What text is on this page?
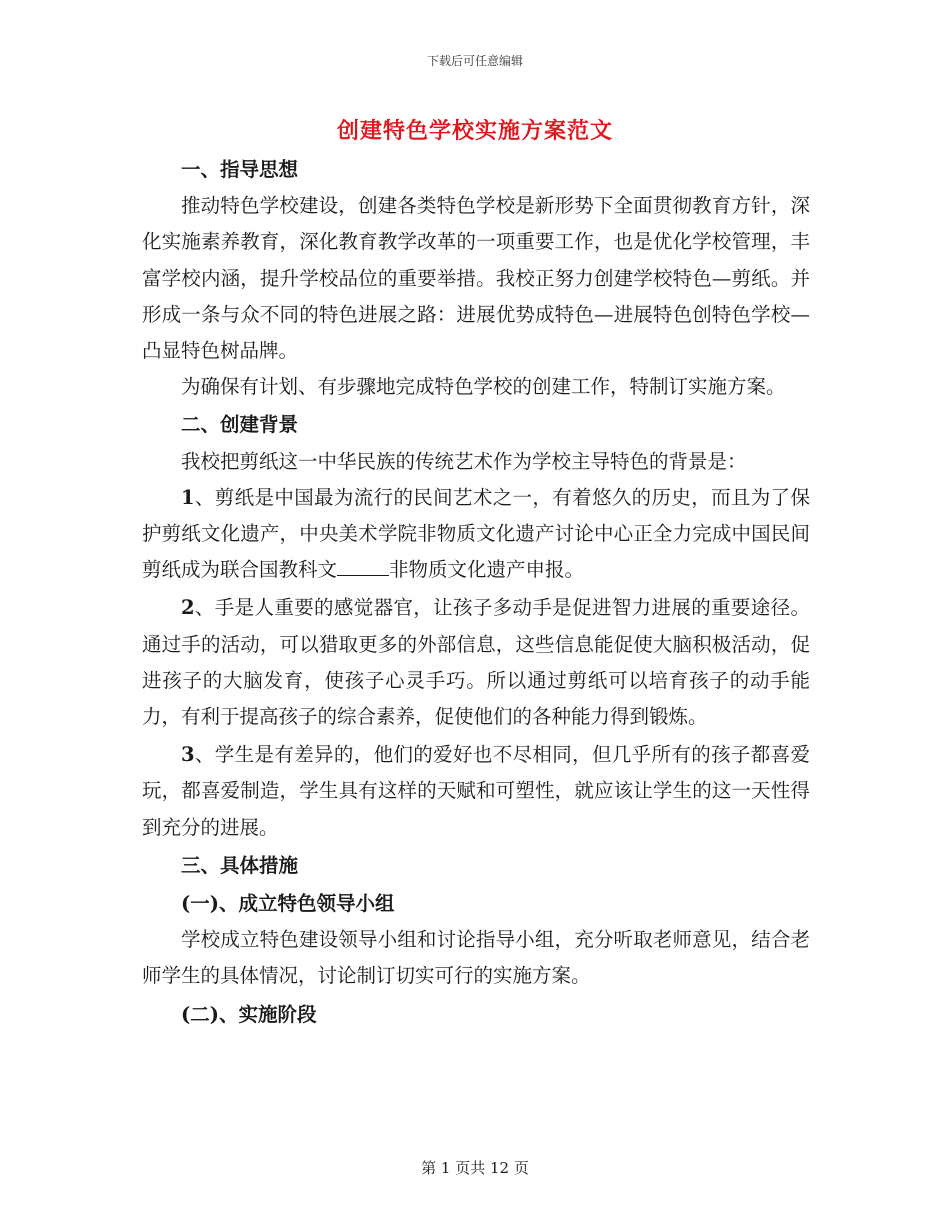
下载后可任意编辑
创建特色学校实施方案范文

一、指导思想

推动特色学校建设，创建各类特色学校是新形势下全面贯彻教育方针，深化实施素养教育，深化教育教学改革的一项重要工作，也是优化学校管理，丰富学校内涵，提升学校品位的重要举措。我校正努力创建学校特色—剪纸。并形成一条与众不同的特色进展之路：进展优势成特色—进展特色创特色学校—凸显特色树品牌。

为确保有计划、有步骤地完成特色学校的创建工作，特制订实施方案。

二、创建背景

我校把剪纸这一中华民族的传统艺术作为学校主导特色的背景是：

1、剪纸是中国最为流行的民间艺术之一，有着悠久的历史，而且为了保护剪纸文化遗产，中央美术学院非物质文化遗产讨论中心正全力完成中国民间剪纸成为联合国教科文	非物质文化遗产申报。

2、手是人重要的感觉器官，让孩子多动手是促进智力进展的重要途径。通过手的活动，可以猎取更多的外部信息，这些信息能促使大脑积极活动，促进孩子的大脑发育，使孩子心灵手巧。所以通过剪纸可以培育孩子的动手能力，有利于提高孩子的综合素养，促使他们的各种能力得到锻炼。

3、学生是有差异的，他们的爱好也不尽相同，但几乎所有的孩子都喜爱玩，都喜爱制造，学生具有这样的天赋和可塑性，就应该让学生的这一天性得到充分的进展。

三、具体措施

(一)、成立特色领导小组

学校成立特色建设领导小组和讨论指导小组，充分听取老师意见，结合老师学生的具体情况，讨论制订切实可行的实施方案。

(二)、实施阶段

第 1 页共 12 页
